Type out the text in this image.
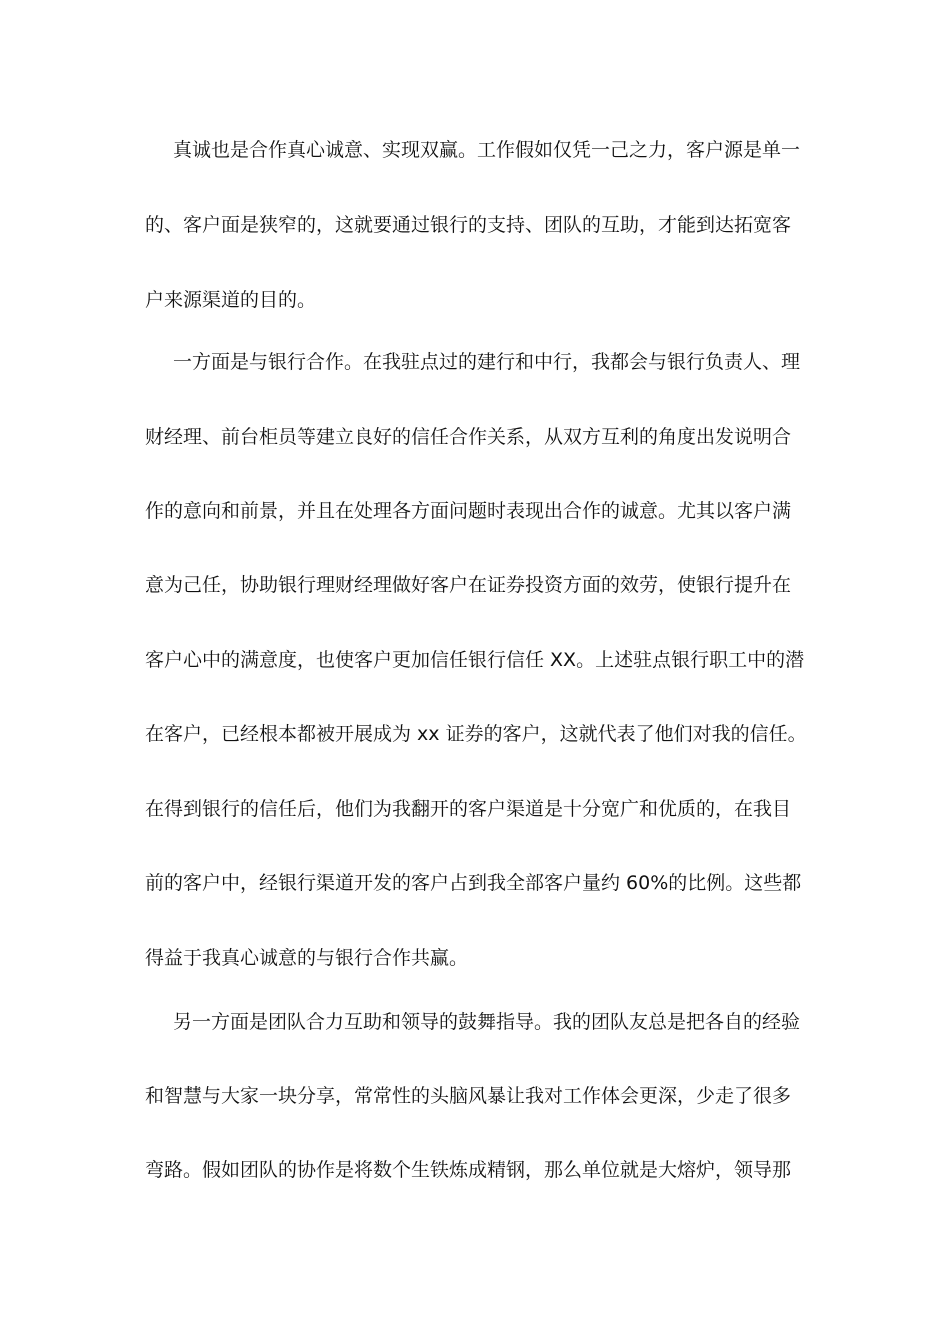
真诚也是合作真心诚意、实现双赢。工作假如仅凭一己之力，客户源是单一
的、客户面是狭窄的，这就要通过银行的支持、团队的互助，才能到达拓宽客
户来源渠道的目的。
一方面是与银行合作。在我驻点过的建行和中行，我都会与银行负责人、理
财经理、前台柜员等建立良好的信任合作关系，从双方互利的角度出发说明合
作的意向和前景，并且在处理各方面问题时表现出合作的诚意。尤其以客户满
意为己任，协助银行理财经理做好客户在证券投资方面的效劳，使银行提升在
客户心中的满意度，也使客户更加信任银行信任 XX。上述驻点银行职工中的潜
在客户，已经根本都被开展成为 xx 证券的客户，这就代表了他们对我的信任。
在得到银行的信任后，他们为我翻开的客户渠道是十分宽广和优质的，在我目
前的客户中，经银行渠道开发的客户占到我全部客户量约 60%的比例。这些都
得益于我真心诚意的与银行合作共赢。
另一方面是团队合力互助和领导的鼓舞指导。我的团队友总是把各自的经验
和智慧与大家一块分享，常常性的头脑风暴让我对工作体会更深，少走了很多
弯路。假如团队的协作是将数个生铁炼成精钢，那么单位就是大熔炉，领导那
